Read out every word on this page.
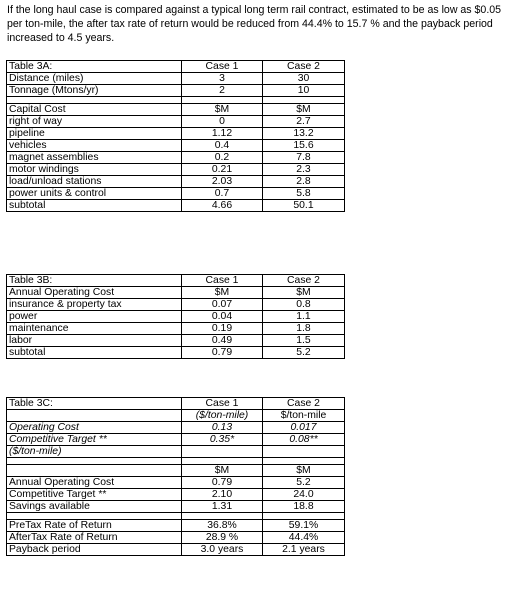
If the long haul case is compared against a typical long term rail contract, estimated to be as low as $0.05 per ton-mile, the after tax rate of return would be reduced from 44.4% to 15.7 % and the payback period increased to 4.5 years.

Table 3A:	Case 1	Case 2
Distance (miles)	3	30
Tonnage (Mtons/yr)	2	10

Capital Cost	$M	$M
right of way	0	2.7
pipeline	1.12	13.2
vehicles	0.4	15.6
magnet assemblies	0.2	7.8
motor windings	0.21	2.3
load/unload stations	2.03	2.8
power units & control	0.7	5.8
subtotal	4.66	50.1
Table 3B:	Case 1	Case 2
Annual Operating Cost	$M	$M
insurance & property tax	0.07	0.8
power	0.04	1.1
maintenance	0.19	1.8
labor	0.49	1.5
subtotal	0.79	5.2
Table 3C:	Case 1	Case 2
	($/ton-mile)	$/ton-mile
Operating Cost	0.13	0.017
Competitive Target **	0.35*	0.08**
($/ton-mile)		

	$M	$M
Annual Operating Cost	0.79	5.2
Competitive Target **	2.10	24.0
Savings available	1.31	18.8

PreTax Rate of Return	36.8%	59.1%
AfterTax Rate of Return	28.9 %	44.4%
Payback period	3.0 years	2.1 years
